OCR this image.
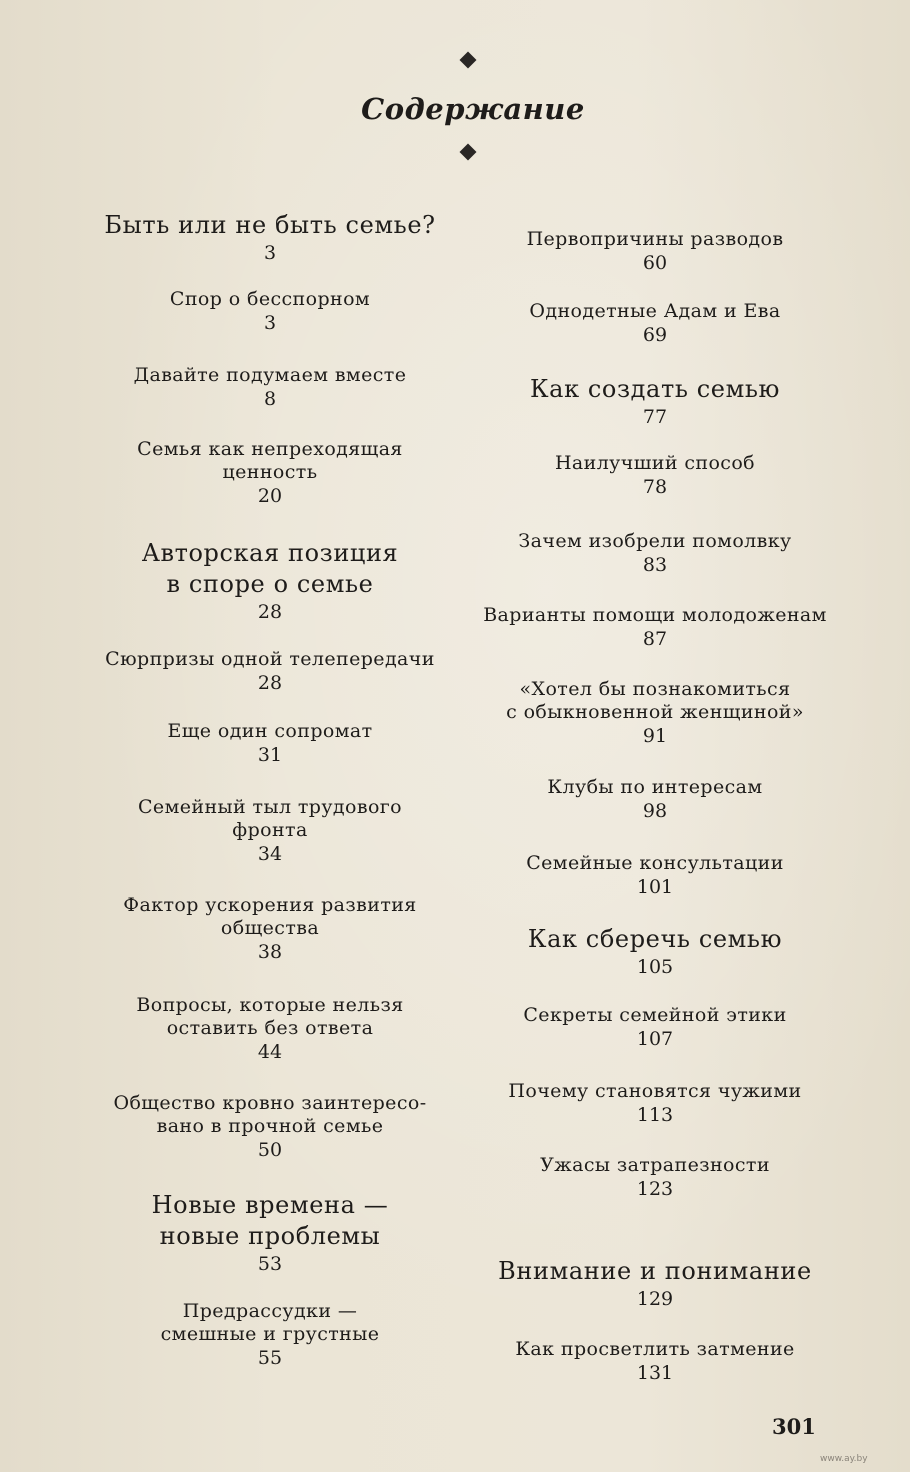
Содержание
Быть или не быть семье?
3
Спор о бесспорном
3
Давайте подумаем вместе
8
Семья как непреходящая
ценность
20
Авторская позиция
в споре о семье
28
Сюрпризы одной телепередачи
28
Еще один сопромат
31
Семейный тыл трудового
фронта
34
Фактор ускорения развития
общества
38
Вопросы, которые нельзя
оставить без ответа
44
Общество кровно заинтересо-
вано в прочной семье
50
Новые времена —
новые проблемы
53
Предрассудки —
смешные и грустные
55
Первопричины разводов
60
Однодетные Адам и Ева
69
Как создать семью
77
Наилучший способ
78
Зачем изобрели помолвку
83
Варианты помощи молодоженам
87
«Хотел бы познакомиться
с обыкновенной женщиной»
91
Клубы по интересам
98
Семейные консультации
101
Как сберечь семью
105
Секреты семейной этики
107
Почему становятся чужими
113
Ужасы затрапезности
123
Внимание и понимание
129
Как просветлить затмение
131
301
www.ay.by
